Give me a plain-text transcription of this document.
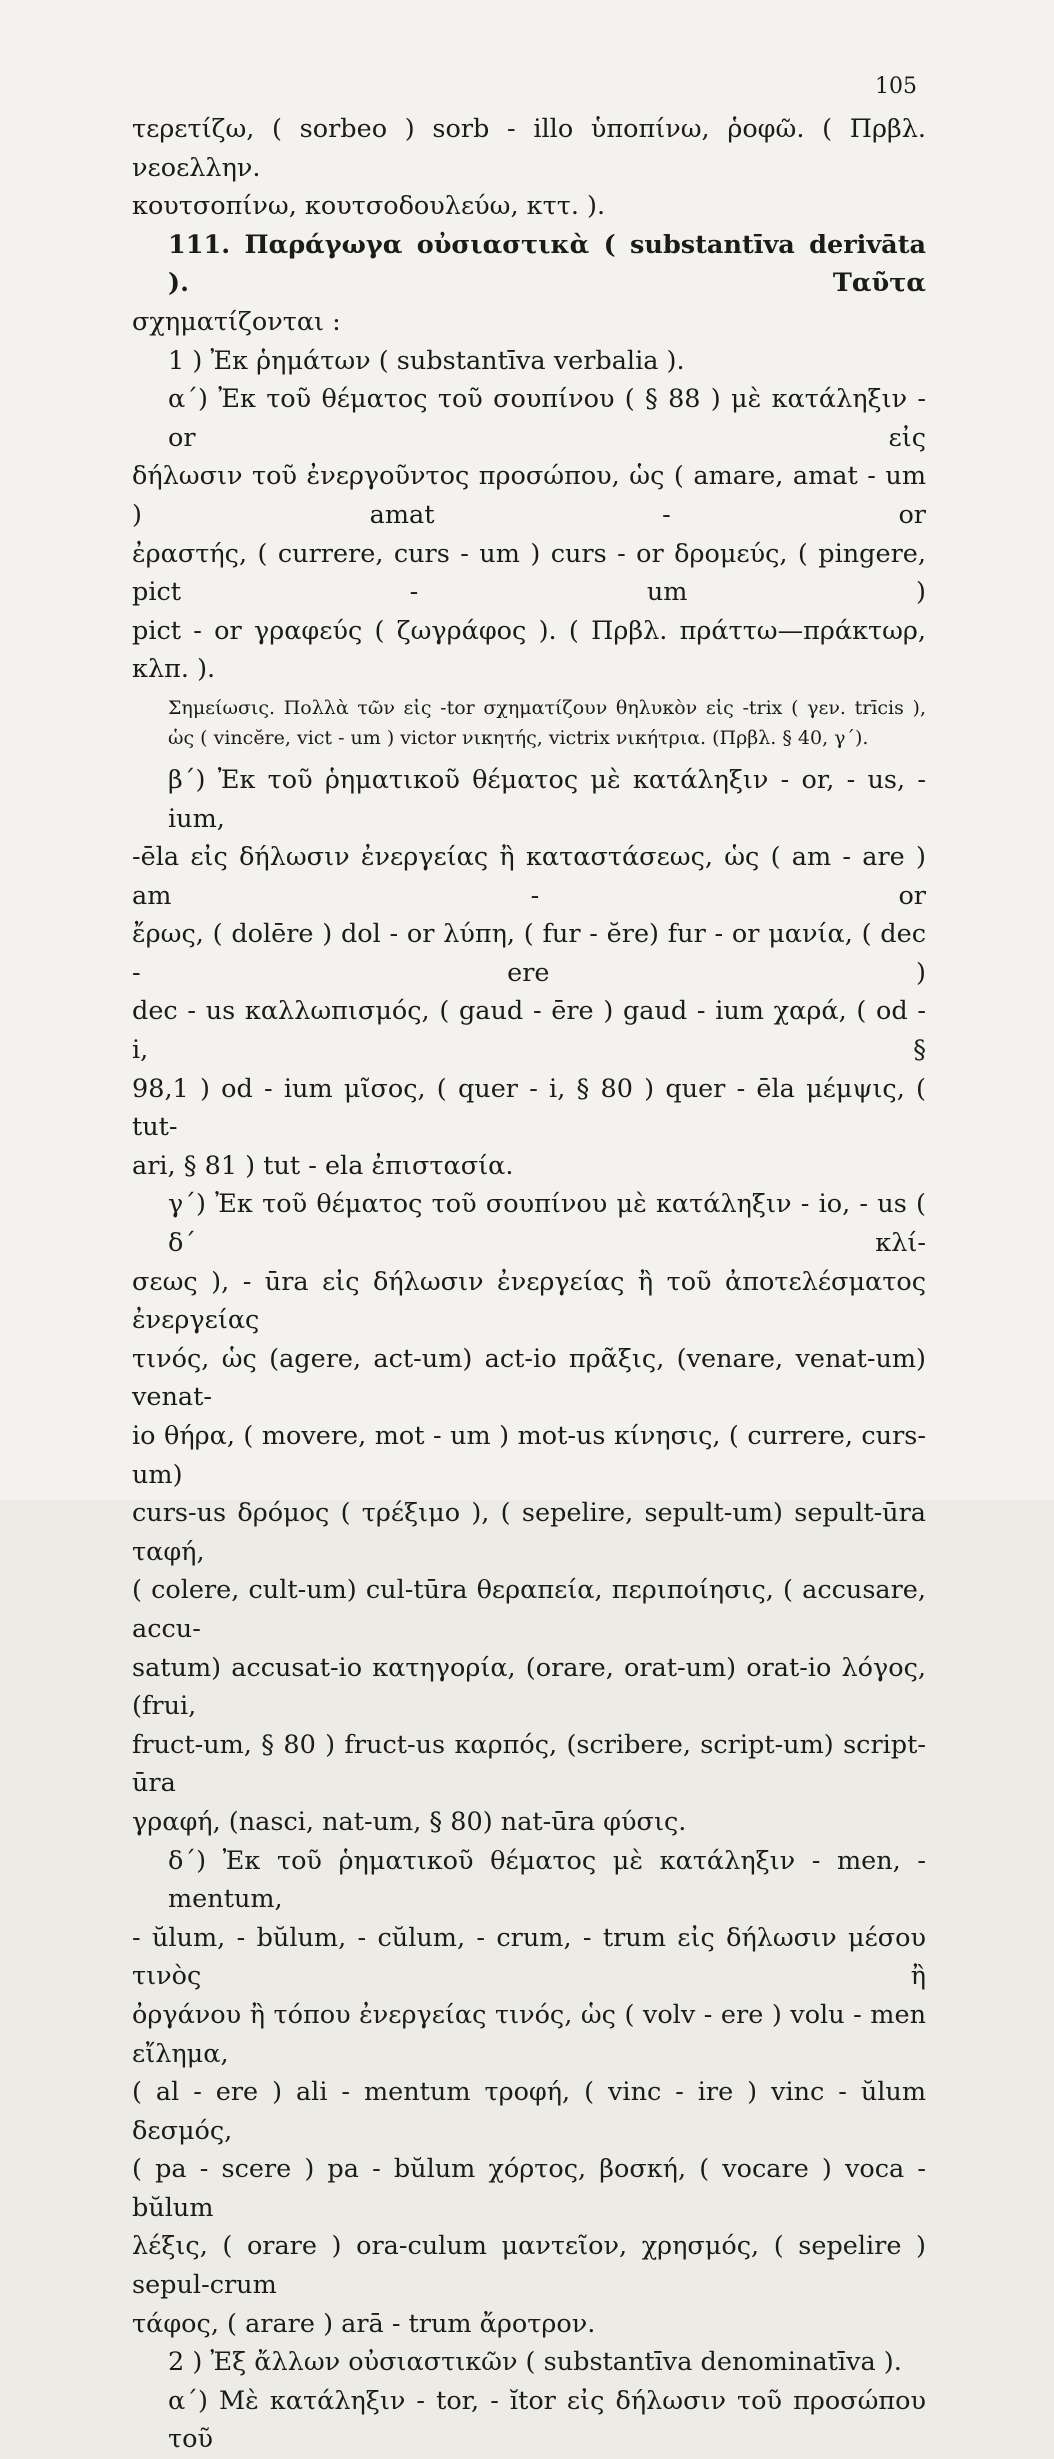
105

τερετίζω, ( sorbeo ) sorb - illo ὑποπίνω, ῥοφῶ. ( Πρβλ. νεοελλην.

κουτσοπίνω, κουτσοδουλεύω, κττ. ).

111. Παράγωγα οὐσιαστικὰ ( substantīva derivāta ). Ταῦτα

σχηματίζονται :

1 ) Ἐκ ῥημάτων ( substantīva verbalia ).

α΄) Ἐκ τοῦ θέματος τοῦ σουπίνου ( § 88 ) μὲ κατάληξιν - or εἰς

δήλωσιν τοῦ ἐνεργοῦντος προσώπου, ὡς ( amare, amat - um ) amat - or

ἐραστής, ( currere, curs - um ) curs - or δρομεύς, ( pingere, pict - um )

pict - or γραφεύς ( ζωγράφος ). ( Πρβλ. πράττω—πράκτωρ, κλπ. ).

Σημείωσις. Πολλὰ τῶν εἰς -tor σχηματίζουν θηλυκὸν εἰς -trix ( γεν. trīcis ), ὡς ( vincĕre, vict - um ) victor νικητής, victrix νικήτρια. (Πρβλ. § 40, γ΄).

β΄) Ἐκ τοῦ ῥηματικοῦ θέματος μὲ κατάληξιν - or, - us, - ium,

-ēla εἰς δήλωσιν ἐνεργείας ἢ καταστάσεως, ὡς ( am - are ) am - or

ἔρως, ( dolēre ) dol - or λύπη, ( fur - ĕre) fur - or μανία, ( dec - ere )

dec - us καλλωπισμός, ( gaud - ēre ) gaud - ium χαρά, ( od - i, §

98,1 ) od - ium μῖσος, ( quer - i, § 80 ) quer - ēla μέμψις, ( tut-

ari, § 81 ) tut - ela ἐπιστασία.

γ΄) Ἐκ τοῦ θέματος τοῦ σουπίνου μὲ κατάληξιν - io, - us ( δ΄ κλί-

σεως ), - ūra εἰς δήλωσιν ἐνεργείας ἢ τοῦ ἀποτελέσματος ἐνεργείας

τινός, ὡς (agere, act-um) act-io πρᾶξις, (venare, venat-um) venat-

io θήρα, ( movere, mot - um ) mot-us κίνησις, ( currere, curs-um)

curs-us δρόμος ( τρέξιμο ), ( sepelire, sepult-um) sepult-ūra ταφή,

( colere, cult-um) cul-tūra θεραπεία, περιποίησις, ( accusare, accu-

satum) accusat-io κατηγορία, (orare, orat-um) orat-io λόγος, (frui,

fruct-um, § 80 ) fruct-us καρπός, (scribere, script-um) script-ūra

γραφή, (nasci, nat-um, § 80) nat-ūra φύσις.

δ΄) Ἐκ τοῦ ῥηματικοῦ θέματος μὲ κατάληξιν - men, - mentum,

- ŭlum, - bŭlum, - cŭlum, - crum, - trum εἰς δήλωσιν μέσου τινὸς ἢ

ὀργάνου ἢ τόπου ἐνεργείας τινός, ὡς ( volv - ere ) volu - men εἴλημα,

( al - ere ) ali - mentum τροφή, ( vinc - ire ) vinc - ŭlum δεσμός,

( pa - scere ) pa - bŭlum χόρτος, βοσκή, ( vocare ) voca - bŭlum

λέξις, ( orare ) ora-culum μαντεῖον, χρησμός, ( sepelire ) sepul-crum

τάφος, ( arare ) arā - trum ἄροτρον.

2 ) Ἐξ ἄλλων οὐσιαστικῶν ( substantīva denominatīva ).

α΄) Μὲ κατάληξιν - tor, - ĭtor εἰς δήλωσιν τοῦ προσώπου τοῦ
